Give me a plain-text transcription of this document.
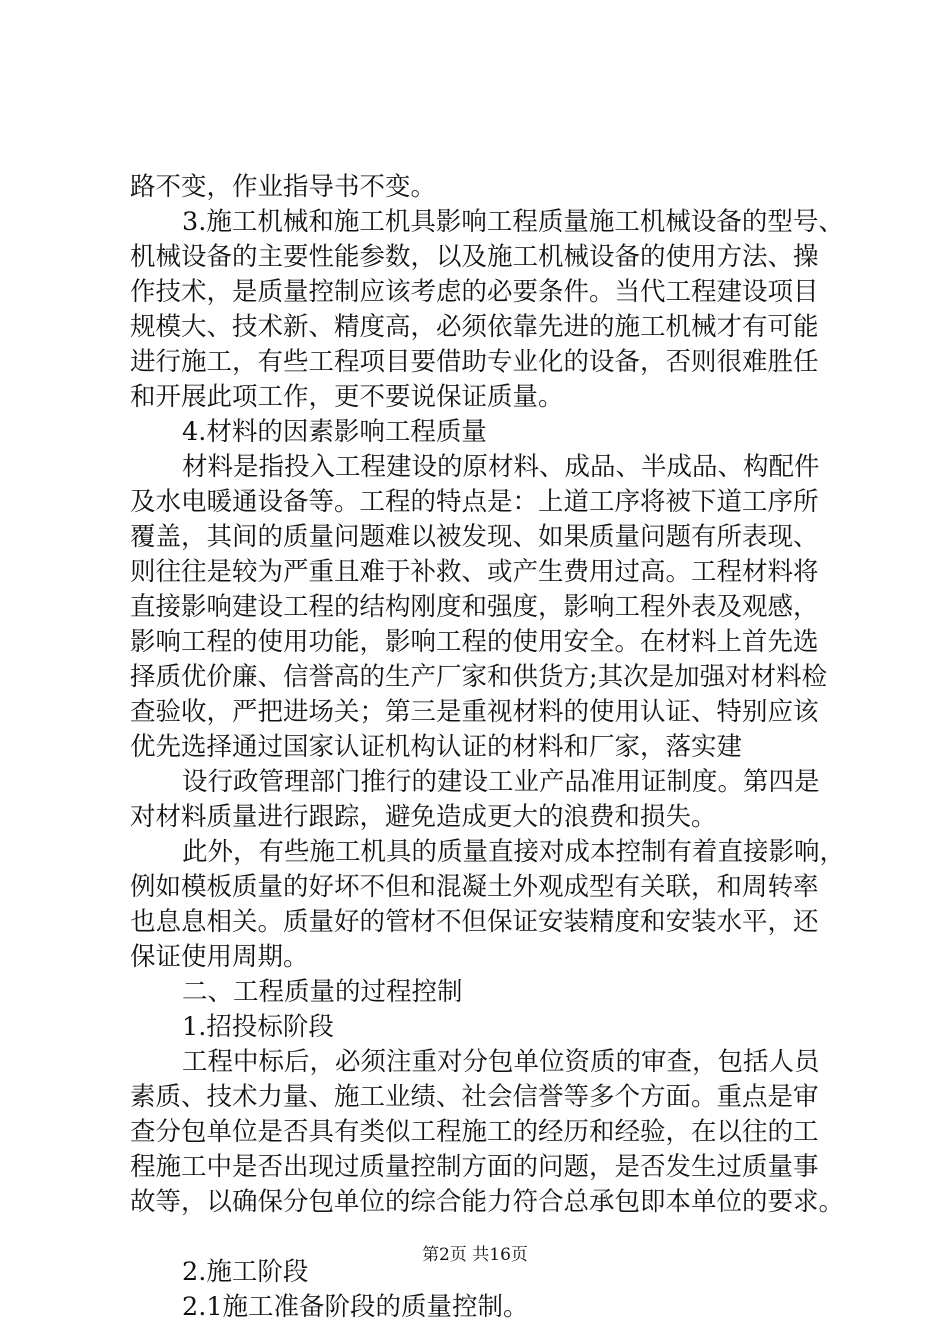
路不变，作业指导书不变。
3.施工机械和施工机具影响工程质量施工机械设备的型号、
机械设备的主要性能参数，以及施工机械设备的使用方法、操
作技术，是质量控制应该考虑的必要条件。当代工程建设项目
规模大、技术新、精度高，必须依靠先进的施工机械才有可能
进行施工，有些工程项目要借助专业化的设备，否则很难胜任
和开展此项工作，更不要说保证质量。
4.材料的因素影响工程质量
材料是指投入工程建设的原材料、成品、半成品、构配件
及水电暖通设备等。工程的特点是：上道工序将被下道工序所
覆盖，其间的质量问题难以被发现、如果质量问题有所表现、
则往往是较为严重且难于补救、或产生费用过高。工程材料将
直接影响建设工程的结构刚度和强度，影响工程外表及观感，
影响工程的使用功能，影响工程的使用安全。在材料上首先选
择质优价廉、信誉高的生产厂家和供货方;其次是加强对材料检
查验收，严把进场关；第三是重视材料的使用认证、特别应该
优先选择通过国家认证机构认证的材料和厂家，落实建
设行政管理部门推行的建设工业产品准用证制度。第四是
对材料质量进行跟踪，避免造成更大的浪费和损失。
此外，有些施工机具的质量直接对成本控制有着直接影响，
例如模板质量的好坏不但和混凝土外观成型有关联，和周转率
也息息相关。质量好的管材不但保证安装精度和安装水平，还
保证使用周期。
二、工程质量的过程控制
1.招投标阶段
工程中标后，必须注重对分包单位资质的审查，包括人员
素质、技术力量、施工业绩、社会信誉等多个方面。重点是审
查分包单位是否具有类似工程施工的经历和经验，在以往的工
程施工中是否出现过质量控制方面的问题，是否发生过质量事
故等，以确保分包单位的综合能力符合总承包即本单位的要求。
2.施工阶段
2.1施工准备阶段的质量控制。
第2页 共16页
